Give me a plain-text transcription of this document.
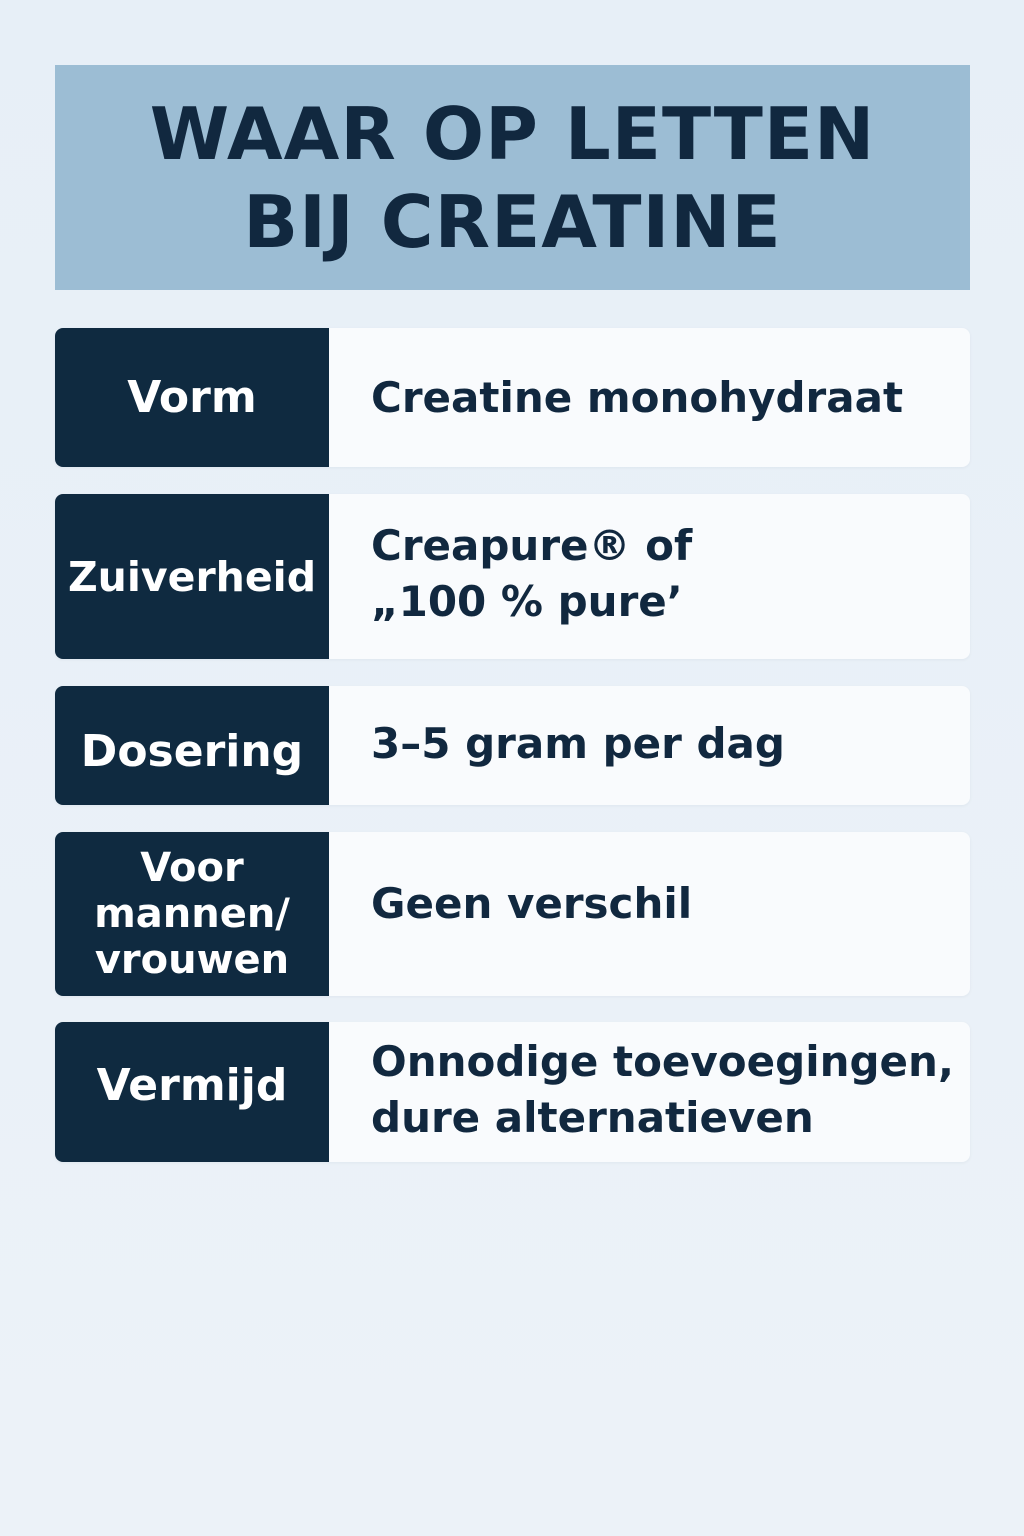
WAAR OP LETTEN
BIJ CREATINE
Vorm	Creatine monohydraat
Zuiverheid
Creapure® of
„100 % pure’
Dosering 3–5 gram per dag
Voor
mannen/
vrouwen
Geen verschil
Vermijd Onnodige toevoegingen,
dure alternatieven
